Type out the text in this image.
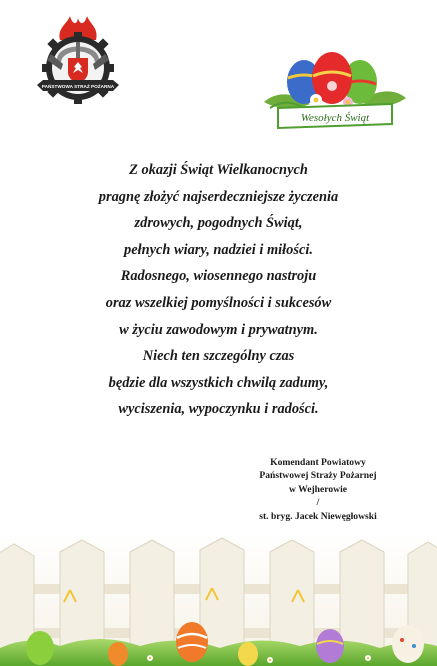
PAŃSTWOWA STRAŻ POŻARNA
Wesołych Świąt
Z okazji Świąt Wielkanocnych
pragnę złożyć najserdeczniejsze życzenia
zdrowych, pogodnych Świąt,
pełnych wiary, nadziei i miłości.
Radosnego, wiosennego nastroju
oraz wszelkiej pomyślności i sukcesów
w życiu zawodowym i prywatnym.
Niech ten szczególny czas
będzie dla wszystkich chwilą zadumy,
wyciszenia, wypoczynku i radości.
Komendant Powiatowy
Państwowej Straży Pożarnej
w Wejherowie
/
st. bryg. Jacek Niewęgłowski
